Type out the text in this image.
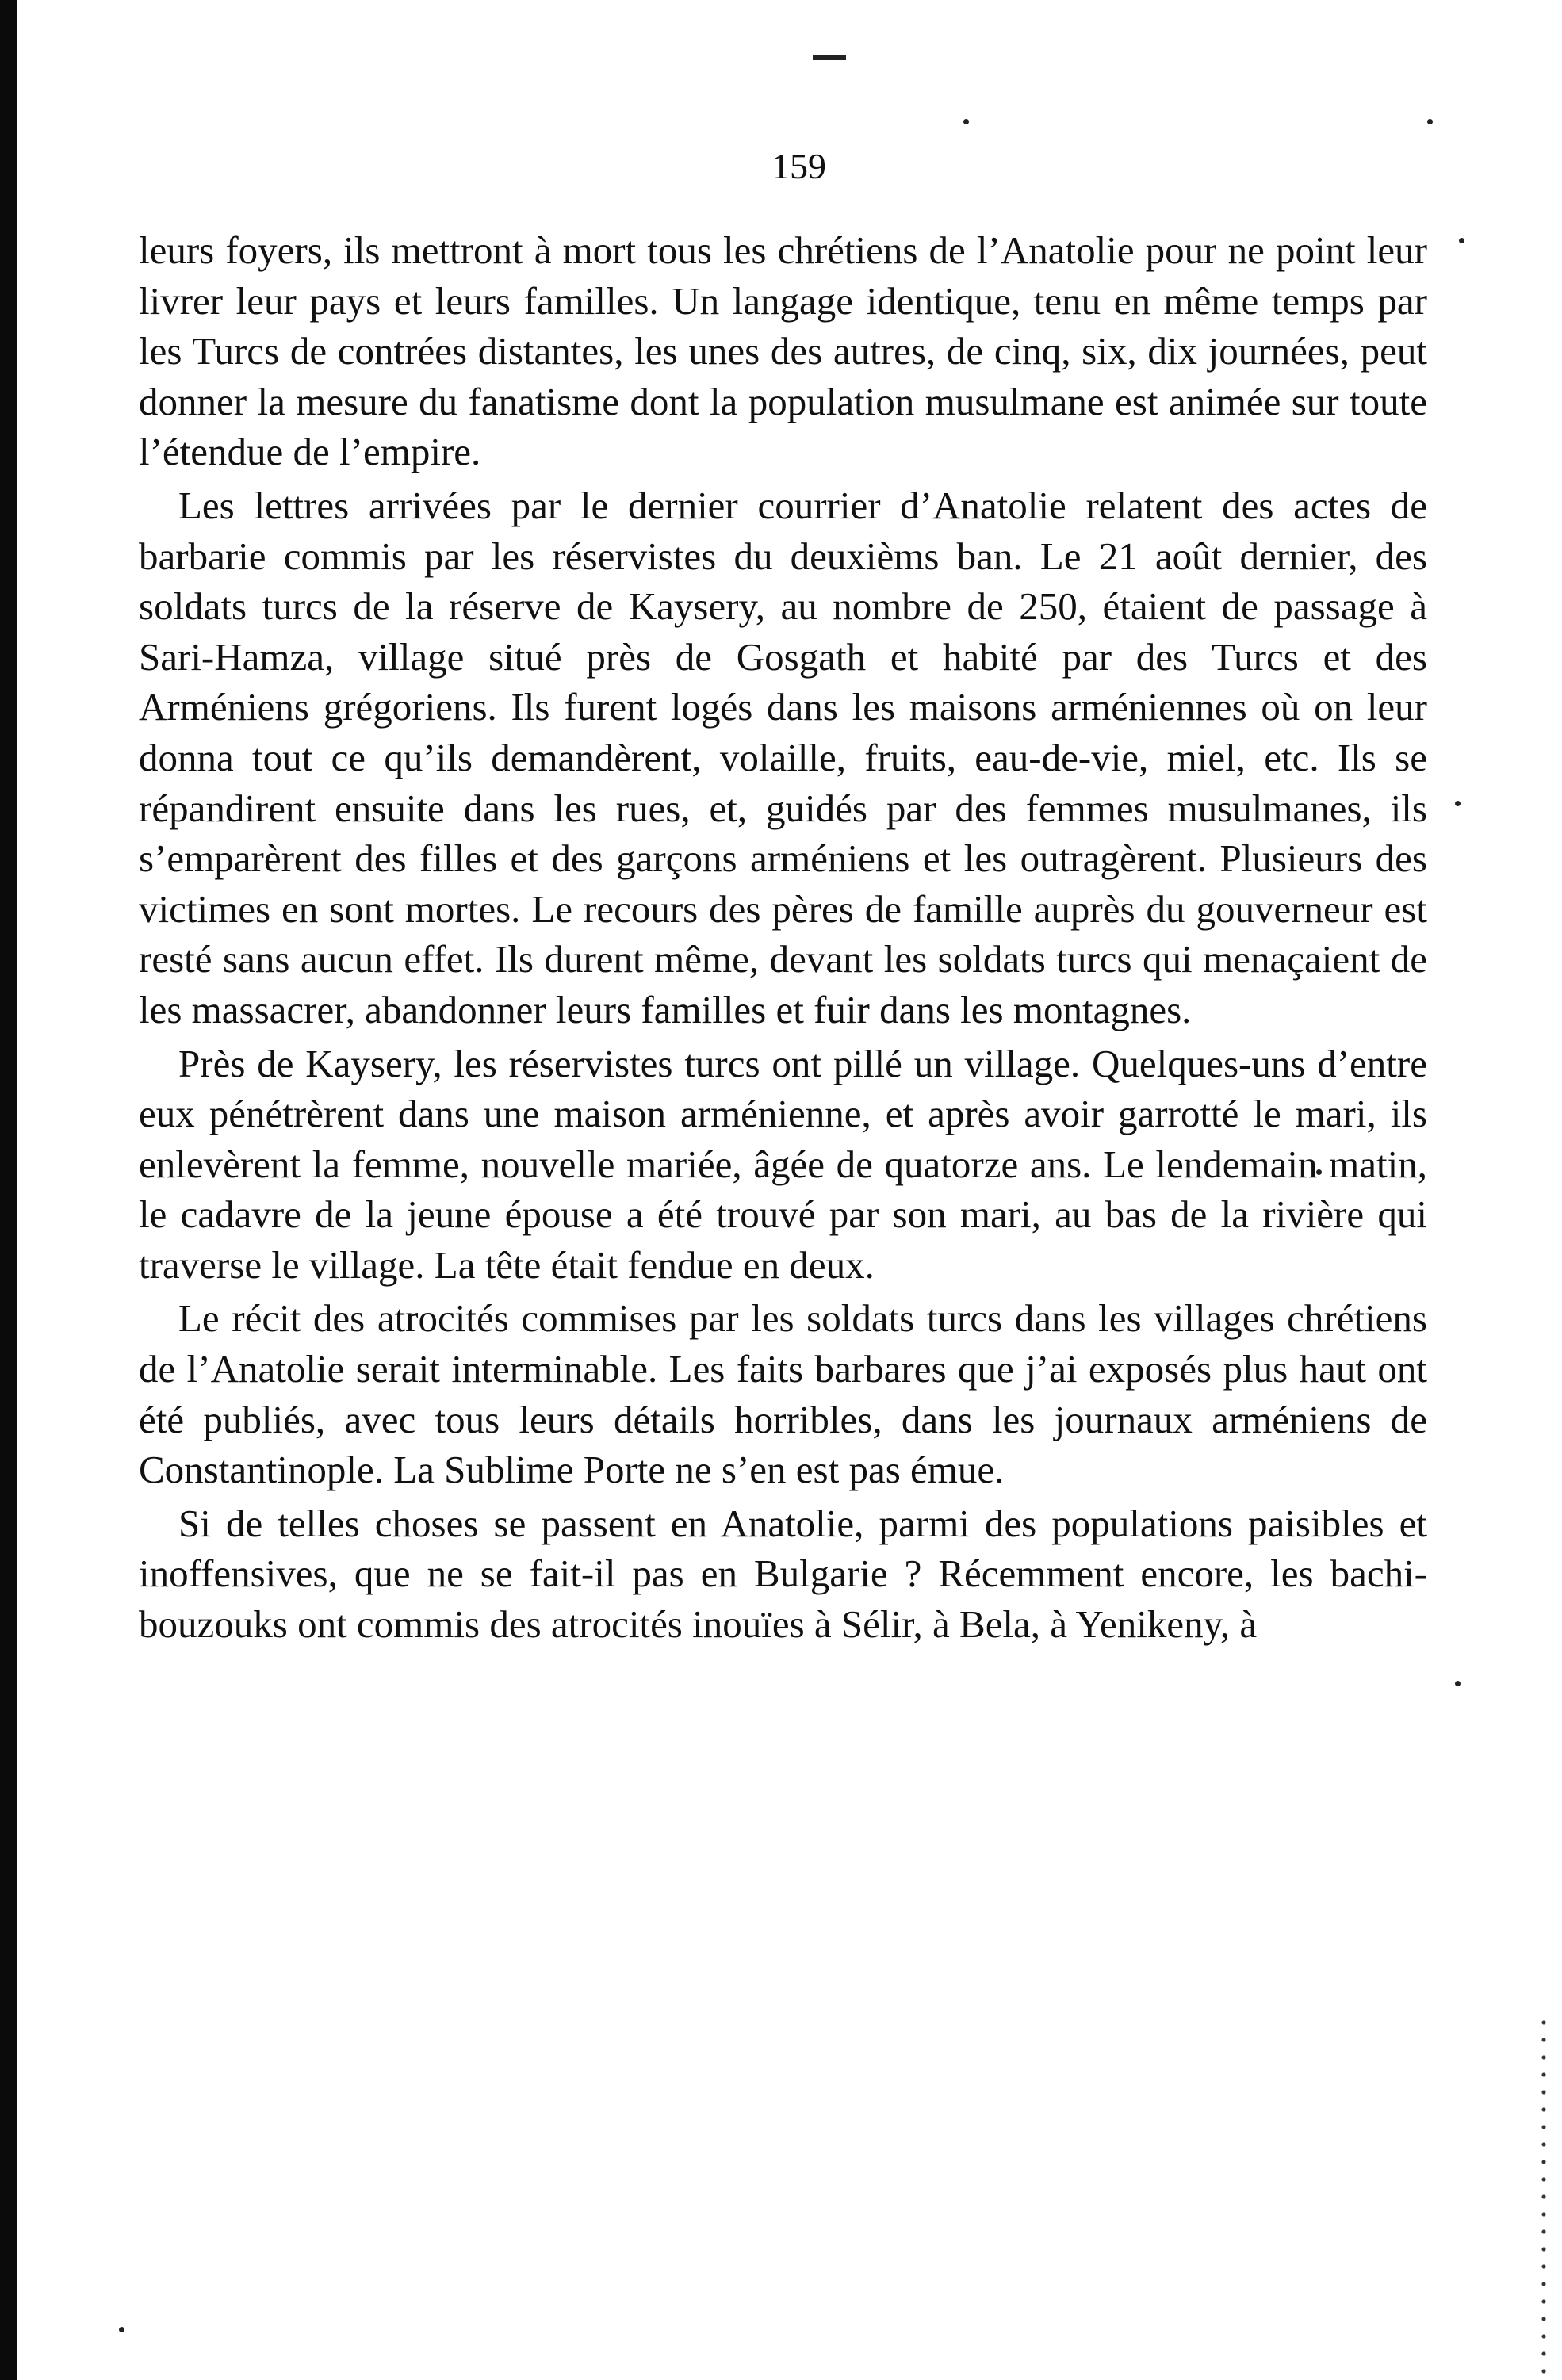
159

leurs foyers, ils mettront à mort tous les chrétiens de l’Anatolie pour ne point leur livrer leur pays et leurs familles. Un langage identique, tenu en même temps par les Turcs de contrées distantes, les unes des autres, de cinq, six, dix journées, peut donner la mesure du fanatisme dont la population musulmane est animée sur toute l’étendue de l’empire.

Les lettres arrivées par le dernier courrier d’Anatolie relatent des actes de barbarie commis par les réservistes du deuxièms ban. Le 21 août dernier, des soldats turcs de la réserve de Kaysery, au nombre de 250, étaient de passage à Sari-Hamza, village situé près de Gosgath et habité par des Turcs et des Arméniens grégoriens. Ils furent logés dans les maisons arméniennes où on leur donna tout ce qu’ils demandèrent, volaille, fruits, eau-de-vie, miel, etc. Ils se répandirent ensuite dans les rues, et, guidés par des femmes musulmanes, ils s’emparèrent des filles et des garçons arméniens et les outragèrent. Plusieurs des victimes en sont mortes. Le recours des pères de famille auprès du gouverneur est resté sans aucun effet. Ils durent même, devant les soldats turcs qui menaçaient de les massacrer, abandonner leurs familles et fuir dans les montagnes.

Près de Kaysery, les réservistes turcs ont pillé un village. Quelques-uns d’entre eux pénétrèrent dans une maison arménienne, et après avoir garrotté le mari, ils enlevèrent la femme, nouvelle mariée, âgée de quatorze ans. Le lendemain matin, le cadavre de la jeune épouse a été trouvé par son mari, au bas de la rivière qui traverse le village. La tête était fendue en deux.

Le récit des atrocités commises par les soldats turcs dans les villages chrétiens de l’Anatolie serait interminable. Les faits barbares que j’ai exposés plus haut ont été publiés, avec tous leurs détails horribles, dans les journaux arméniens de Constantinople. La Sublime Porte ne s’en est pas émue.

Si de telles choses se passent en Anatolie, parmi des populations paisibles et inoffensives, que ne se fait-il pas en Bulgarie ? Récemment encore, les bachi-bouzouks ont commis des atrocités inouïes à Sélir, à Bela, à Yenikeny, à
